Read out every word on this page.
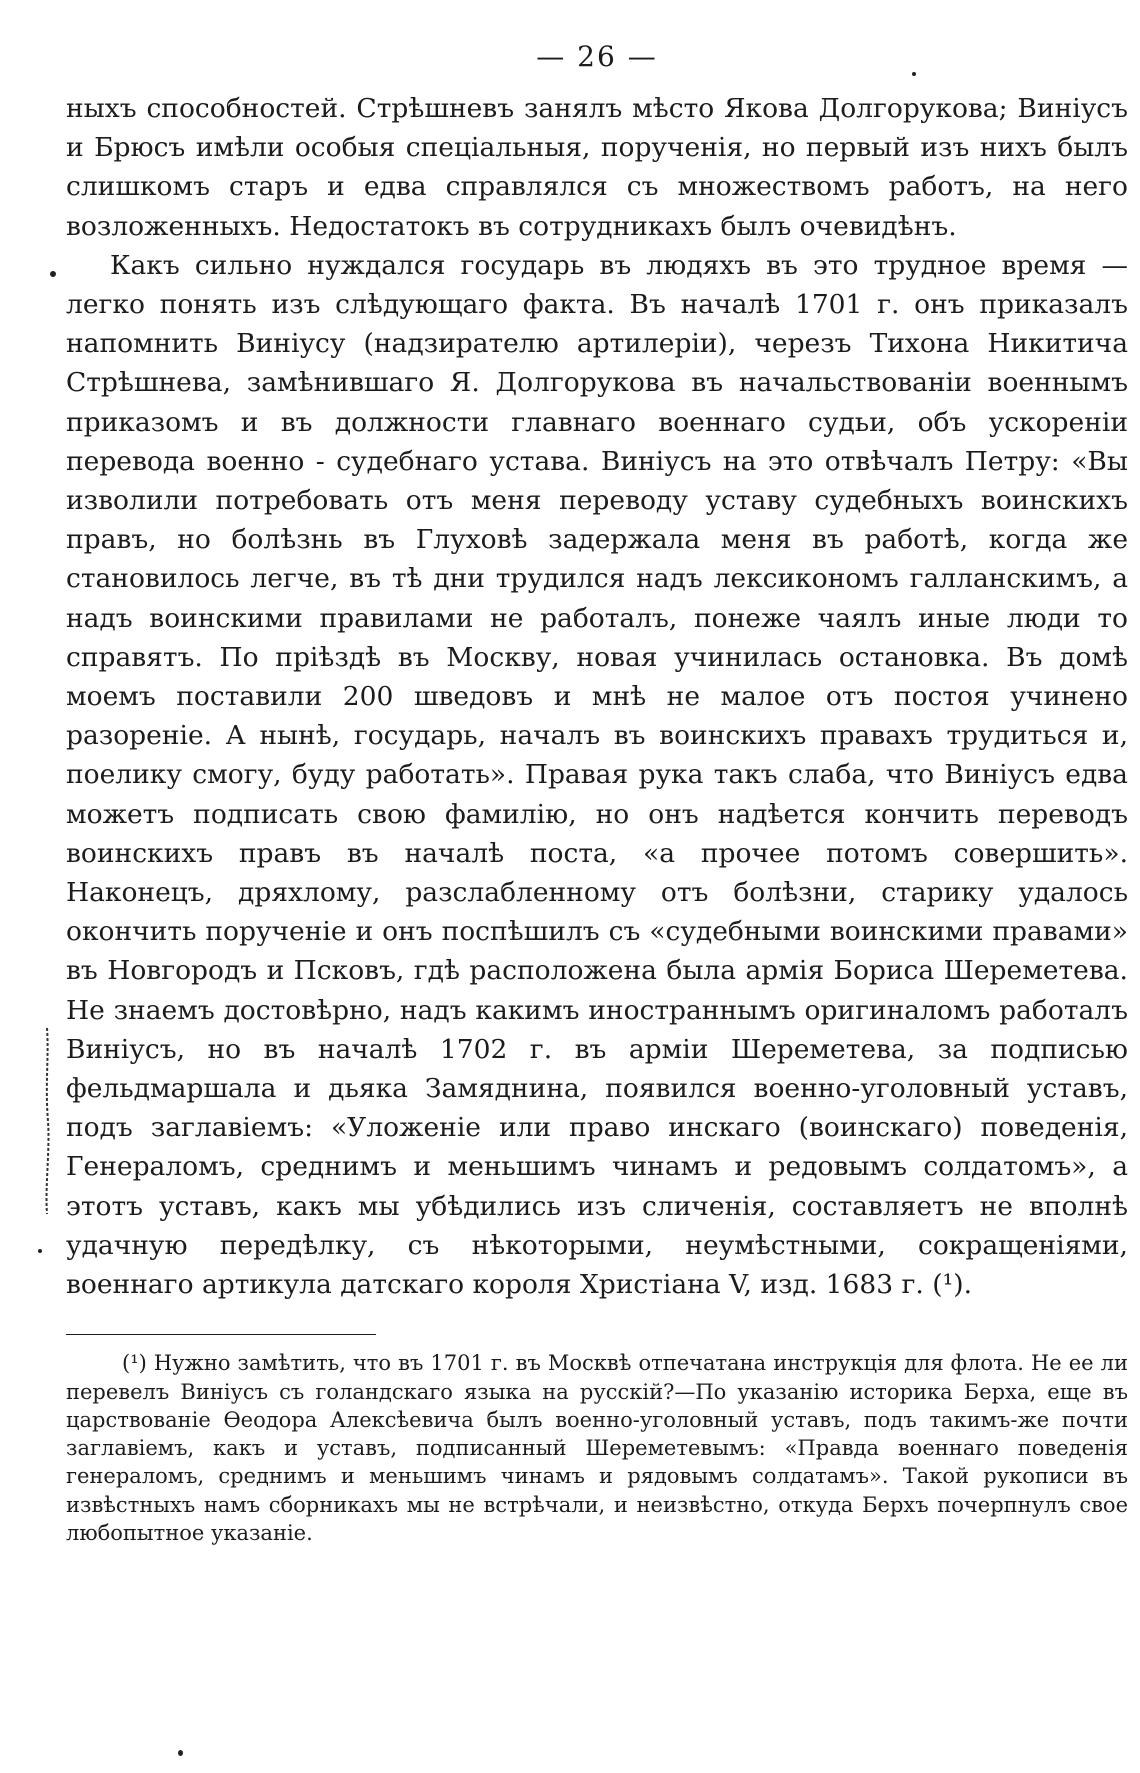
— 26 —

ныхъ способностей. Стрѣшневъ занялъ мѣсто Якова Долгорукова; Виніусъ и Брюсъ имѣли особыя спеціальныя, порученія, но первый изъ нихъ былъ слишкомъ старъ и едва справлялся съ множествомъ работъ, на него возложенныхъ. Недостатокъ въ сотрудникахъ былъ очевидѣнъ.

Какъ сильно нуждался государь въ людяхъ въ это трудное время — легко понять изъ слѣдующаго факта. Въ началѣ 1701 г. онъ приказалъ напомнить Виніусу (надзирателю артилеріи), черезъ Тихона Никитича Стрѣшнева, замѣнившаго Я. Долгорукова въ начальствованіи военнымъ приказомъ и въ должности главнаго военнаго судьи, объ ускореніи перевода военно - судебнаго устава. Виніусъ на это отвѣчалъ Петру: «Вы изволили потребовать отъ меня переводу уставу судебныхъ воинскихъ правъ, но болѣзнь въ Глуховѣ задержала меня въ работѣ, когда же становилось легче, въ тѣ дни трудился надъ лексикономъ галланскимъ, а надъ воинскими правилами не работалъ, понеже чаялъ иные люди то справятъ. По пріѣздѣ въ Москву, новая учинилась остановка. Въ домѣ моемъ поставили 200 шведовъ и мнѣ не малое отъ постоя учинено разореніе. А нынѣ, государь, началъ въ воинскихъ правахъ трудиться и, поелику смогу, буду работать». Правая рука такъ слаба, что Виніусъ едва можетъ подписать свою фамилію, но онъ надѣется кончить переводъ воинскихъ правъ въ началѣ поста, «а прочее потомъ совершить». Наконецъ, дряхлому, разслабленному отъ болѣзни, старику удалось окончить порученіе и онъ поспѣшилъ съ «судебными воинскими правами» въ Новгородъ и Псковъ, гдѣ расположена была армія Бориса Шереметева. Не знаемъ достовѣрно, надъ какимъ иностраннымъ оригиналомъ работалъ Виніусъ, но въ началѣ 1702 г. въ арміи Шереметева, за подписью фельдмаршала и дьяка Замяднина, появился военно-уголовный уставъ, подъ заглавіемъ: «Уложеніе или право инскаго (воинскаго) поведенія, Генераломъ, среднимъ и меньшимъ чинамъ и редовымъ солдатомъ», а этотъ уставъ, какъ мы убѣдились изъ сличенія, составляетъ не вполнѣ удачную передѣлку, съ нѣкоторыми, неумѣстными, сокращеніями, военнаго артикула датскаго короля Христіана V, изд. 1683 г. (¹).

(¹) Нужно замѣтить, что въ 1701 г. въ Москвѣ отпечатана инструкція для флота. Не ее ли перевелъ Виніусъ съ голандскаго языка на русскій?—По указанію историка Берха, еще въ царствованіе Ѳеодора Алексѣевича былъ военно-уголовный уставъ, подъ такимъ-же почти заглавіемъ, какъ и уставъ, подписанный Шереметевымъ: «Правда военнаго поведенія генераломъ, среднимъ и меньшимъ чинамъ и рядовымъ солдатамъ». Такой рукописи въ извѣстныхъ намъ сборникахъ мы не встрѣчали, и неизвѣстно, откуда Берхъ почерпнулъ свое любопытное указаніе.
